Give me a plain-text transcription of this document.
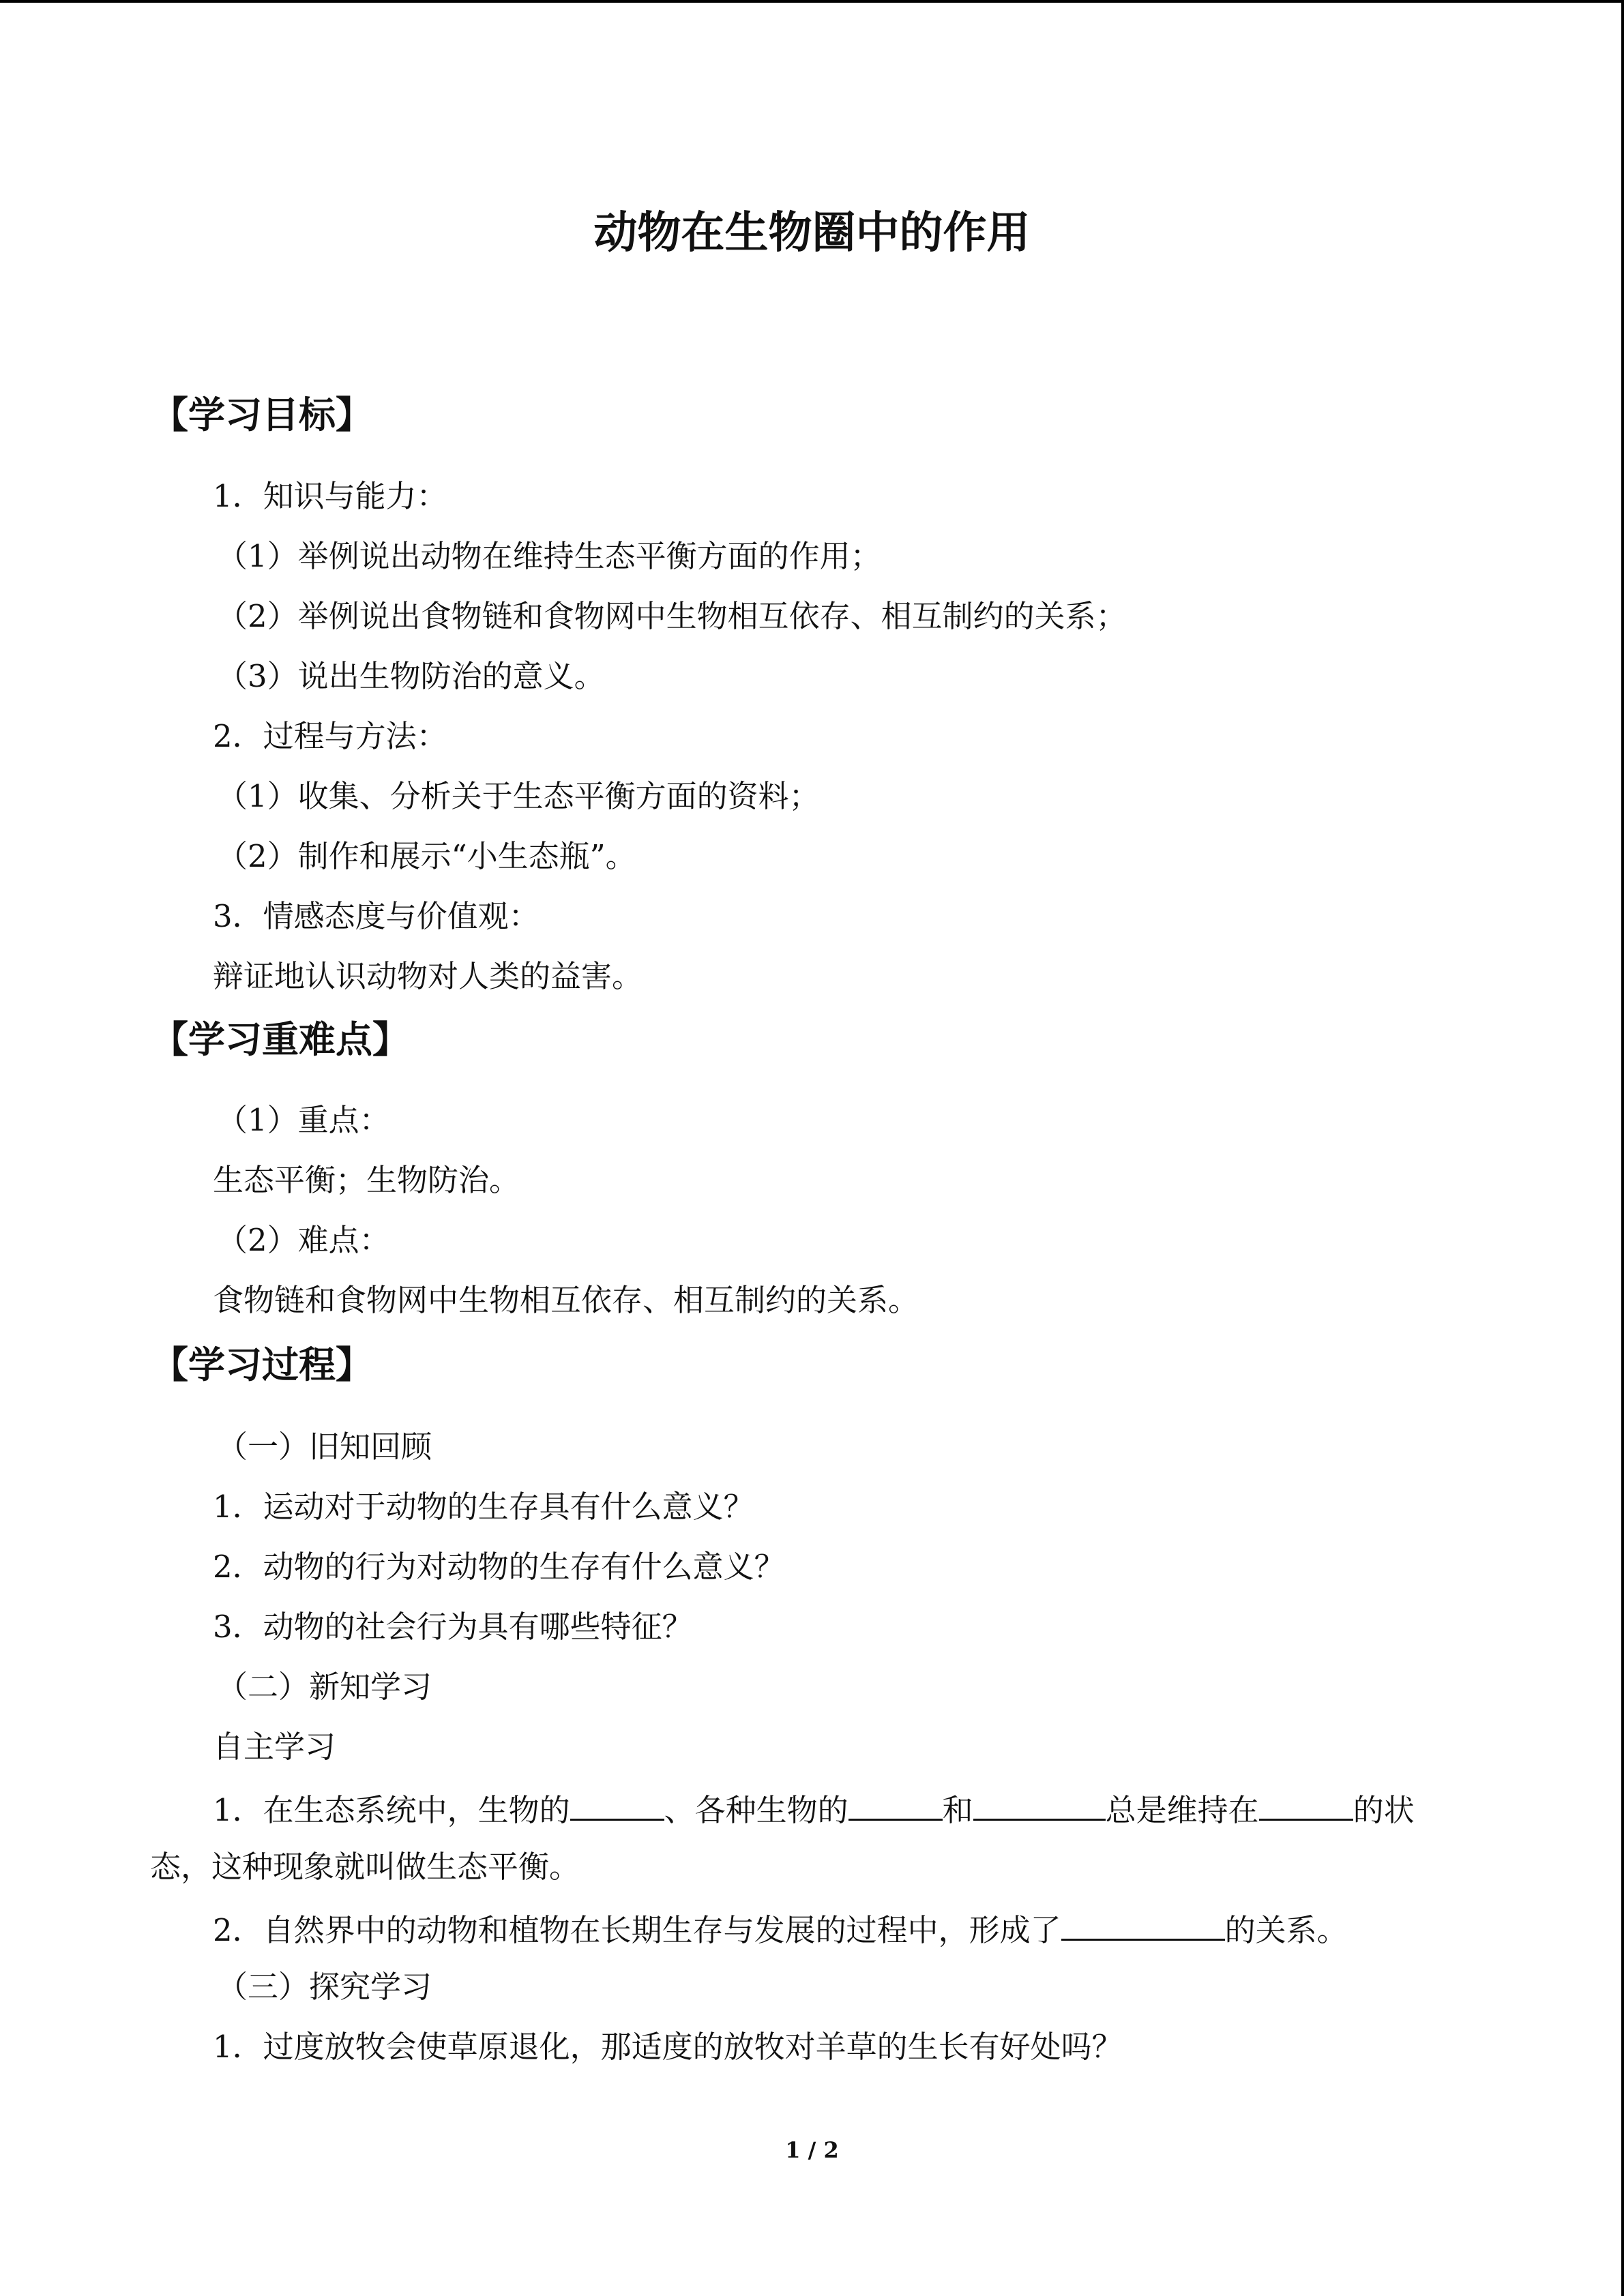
动物在生物圈中的作用
【学习目标】

1．知识与能力：

（1）举例说出动物在维持生态平衡方面的作用；

（2）举例说出食物链和食物网中生物相互依存、相互制约的关系；

（3）说出生物防治的意义。

2．过程与方法：

（1）收集、分析关于生态平衡方面的资料；

（2）制作和展示“小生态瓶”。

3．情感态度与价值观：

辩证地认识动物对人类的益害。

【学习重难点】

（1）重点：

生态平衡；生物防治。

（2）难点：

食物链和食物网中生物相互依存、相互制约的关系。

【学习过程】

（一）旧知回顾

1．运动对于动物的生存具有什么意义？

2．动物的行为对动物的生存有什么意义？

3．动物的社会行为具有哪些特征？

（二）新知学习

自主学习

1．在生态系统中，生物的	、各种生物的	和	总是维持在	的状

态，这种现象就叫做生态平衡。

2．自然界中的动物和植物在长期生存与发展的过程中，形成了	的关系。

（三）探究学习

1．过度放牧会使草原退化，那适度的放牧对羊草的生长有好处吗？

1 / 2
